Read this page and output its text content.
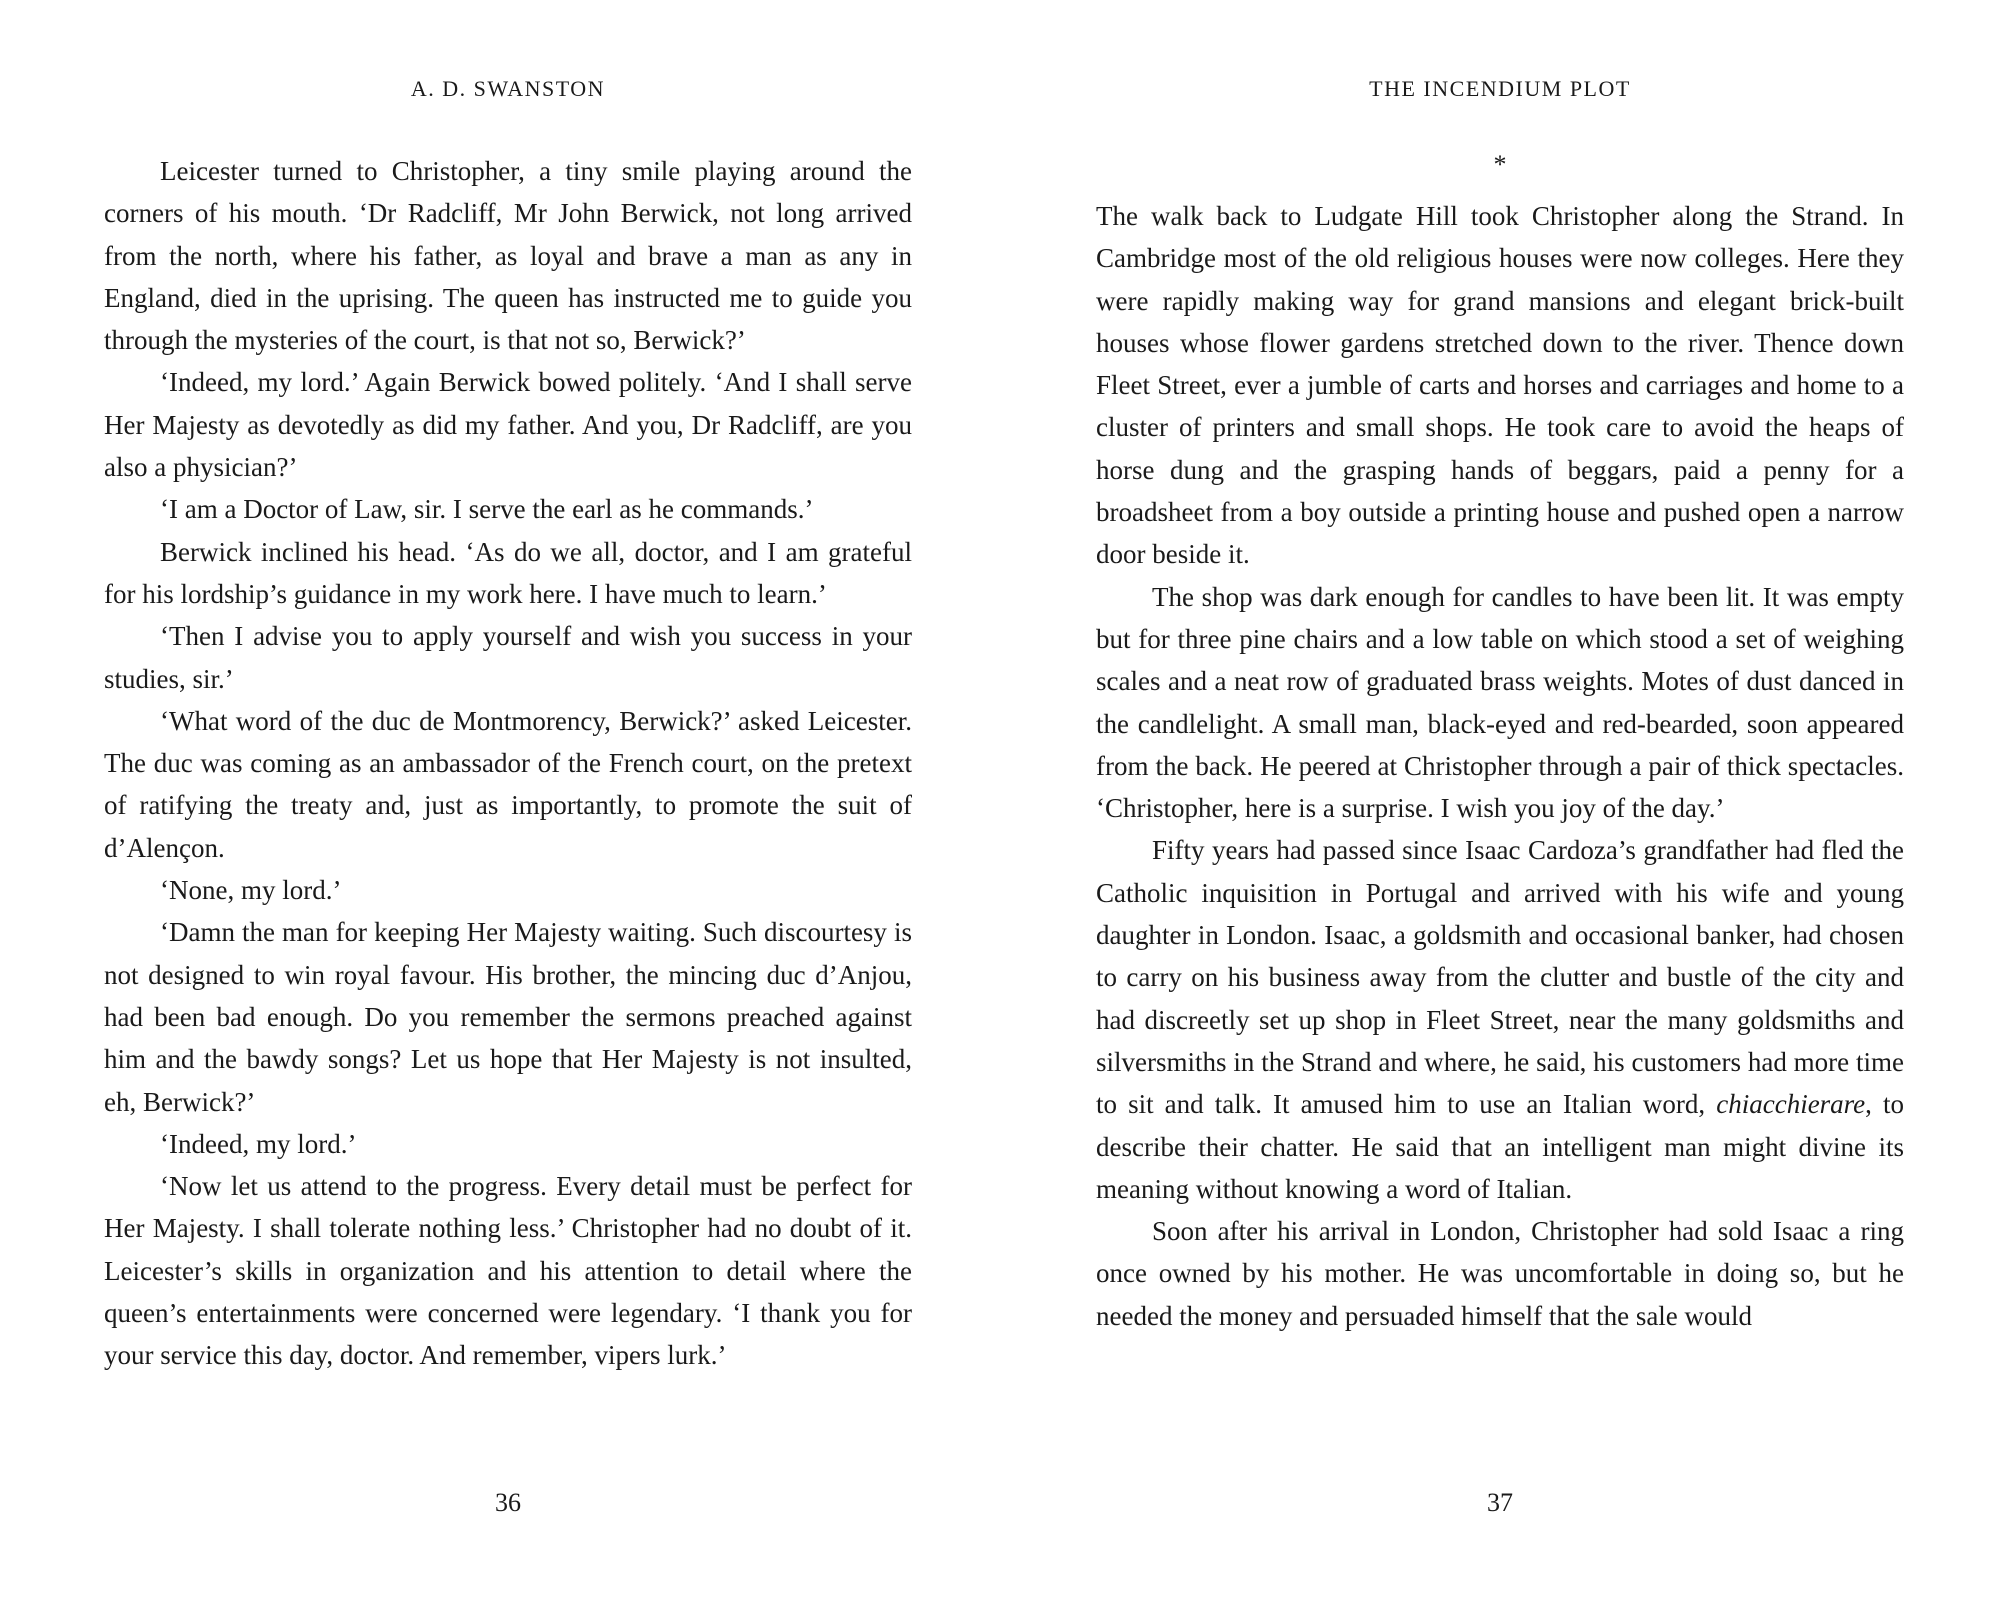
A. D. SWANSTON

Leicester turned to Christopher, a tiny smile playing around the corners of his mouth. ‘Dr Radcliff, Mr John Berwick, not long arrived from the north, where his father, as loyal and brave a man as any in England, died in the uprising. The queen has instructed me to guide you through the mysteries of the court, is that not so, Berwick?’

‘Indeed, my lord.’ Again Berwick bowed politely. ‘And I shall serve Her Majesty as devotedly as did my father. And you, Dr Radcliff, are you also a physician?’

‘I am a Doctor of Law, sir. I serve the earl as he commands.’

Berwick inclined his head. ‘As do we all, doctor, and I am grateful for his lordship’s guidance in my work here. I have much to learn.’

‘Then I advise you to apply yourself and wish you success in your studies, sir.’

‘What word of the duc de Montmorency, Berwick?’ asked Leicester. The duc was coming as an ambassador of the French court, on the pretext of ratifying the treaty and, just as importantly, to promote the suit of d’Alençon.

‘None, my lord.’

‘Damn the man for keeping Her Majesty waiting. Such discourtesy is not designed to win royal favour. His brother, the mincing duc d’Anjou, had been bad enough. Do you remember the sermons preached against him and the bawdy songs? Let us hope that Her Majesty is not insulted, eh, Berwick?’

‘Indeed, my lord.’

‘Now let us attend to the progress. Every detail must be perfect for Her Majesty. I shall tolerate nothing less.’ Christopher had no doubt of it. Leicester’s skills in organization and his attention to detail where the queen’s entertainments were concerned were legendary. ‘I thank you for your service this day, doctor. And remember, vipers lurk.’

36
THE INCENDIUM PLOT
*

The walk back to Ludgate Hill took Christopher along the Strand. In Cambridge most of the old religious houses were now colleges. Here they were rapidly making way for grand mansions and elegant brick-built houses whose flower gardens stretched down to the river. Thence down Fleet Street, ever a jumble of carts and horses and carriages and home to a cluster of printers and small shops. He took care to avoid the heaps of horse dung and the grasping hands of beggars, paid a penny for a broadsheet from a boy outside a printing house and pushed open a narrow door beside it.

The shop was dark enough for candles to have been lit. It was empty but for three pine chairs and a low table on which stood a set of weighing scales and a neat row of graduated brass weights. Motes of dust danced in the candlelight. A small man, black-eyed and red-bearded, soon appeared from the back. He peered at Christopher through a pair of thick spectacles. ‘Christopher, here is a surprise. I wish you joy of the day.’

Fifty years had passed since Isaac Cardoza’s grandfather had fled the Catholic inquisition in Portugal and arrived with his wife and young daughter in London. Isaac, a goldsmith and occasional banker, had chosen to carry on his business away from the clutter and bustle of the city and had discreetly set up shop in Fleet Street, near the many goldsmiths and silversmiths in the Strand and where, he said, his customers had more time to sit and talk. It amused him to use an Italian word, chiacchierare, to describe their chatter. He said that an intelligent man might divine its meaning without knowing a word of Italian.

Soon after his arrival in London, Christopher had sold Isaac a ring once owned by his mother. He was uncomfortable in doing so, but he needed the money and persuaded himself that the sale would

37
